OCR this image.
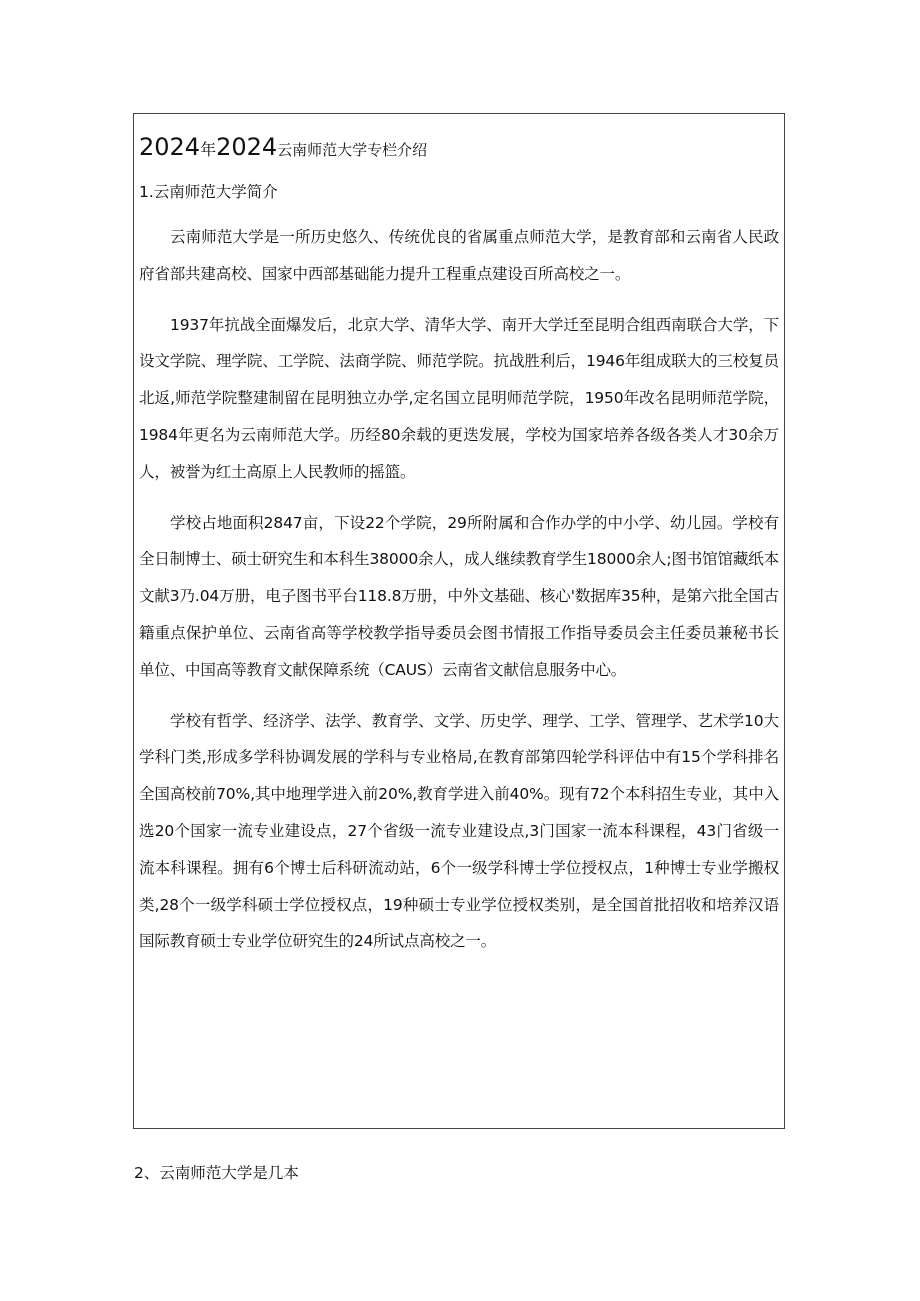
2024 年 2024 云南师范大学专栏介绍
1.云南师范大学简介

云南师范大学是一所历史悠久、传统优良的省属重点师范大学，是教育部和云南省人民政府省部共建高校、国家中西部基础能力提升工程重点建设百所高校之一。

1937年抗战全面爆发后，北京大学、清华大学、南开大学迁至昆明合组西南联合大学，下设文学院、理学院、工学院、法商学院、师范学院。抗战胜利后，1946年组成联大的三校复员北返,师范学院整建制留在昆明独立办学,定名国立昆明师范学院，1950年改名昆明师范学院，1984年更名为云南师范大学。历经80余载的更迭发展，学校为国家培养各级各类人才30余万人，被誉为红土高原上人民教师的摇篮。

学校占地面积2847亩，下设22个学院，29所附属和合作办学的中小学、幼儿园。学校有全日制博士、硕士研究生和本科生38000余人，成人继续教育学生18000余人;图书馆馆藏纸本文献3乃.04万册，电子图书平台118.8万册，中外文基础、核心'数据库35种，是第六批全国古籍重点保护单位、云南省高等学校教学指导委员会图书情报工作指导委员会主任委员兼秘书长单位、中国高等教育文献保障系统（CAUS）云南省文献信息服务中心。

学校有哲学、经济学、法学、教育学、文学、历史学、理学、工学、管理学、艺术学10大学科门类,形成多学科协调发展的学科与专业格局,在教育部第四轮学科评估中有15个学科排名全国高校前70%,其中地理学进入前20%,教育学进入前40%。现有72个本科招生专业，其中入选20个国家一流专业建设点，27个省级一流专业建设点,3门国家一流本科课程，43门省级一流本科课程。拥有6个博士后科研流动站，6个一级学科博士学位授权点，1种博士专业学搬权类,28个一级学科硕士学位授权点，19种硕士专业学位授权类别，是全国首批招收和培养汉语国际教育硕士专业学位研究生的24所试点高校之一。

2、云南师范大学是几本
